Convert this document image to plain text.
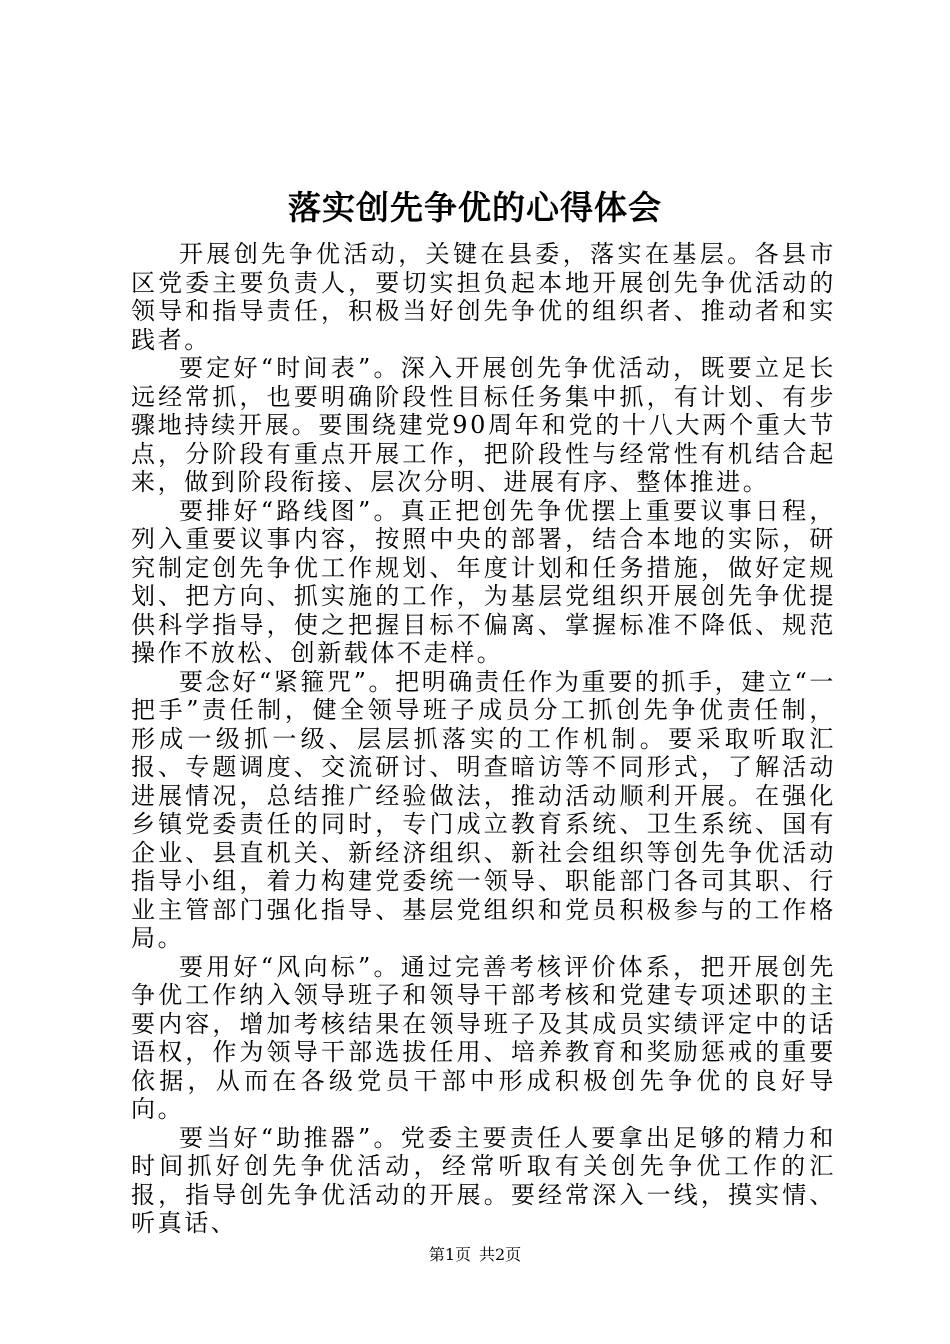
落实创先争优的心得体会

开展创先争优活动，关键在县委，落实在基层。各县市区党委主要负责人，要切实担负起本地开展创先争优活动的领导和指导责任，积极当好创先争优的组织者、推动者和实践者。

要定好“时间表”。深入开展创先争优活动，既要立足长远经常抓，也要明确阶段性目标任务集中抓，有计划、有步骤地持续开展。要围绕建党90周年和党的十八大两个重大节点，分阶段有重点开展工作，把阶段性与经常性有机结合起来，做到阶段衔接、层次分明、进展有序、整体推进。

要排好“路线图”。真正把创先争优摆上重要议事日程，列入重要议事内容，按照中央的部署，结合本地的实际，研究制定创先争优工作规划、年度计划和任务措施，做好定规划、把方向、抓实施的工作，为基层党组织开展创先争优提供科学指导，使之把握目标不偏离、掌握标准不降低、规范操作不放松、创新载体不走样。

要念好“紧箍咒”。把明确责任作为重要的抓手，建立“一把手”责任制，健全领导班子成员分工抓创先争优责任制，形成一级抓一级、层层抓落实的工作机制。要采取听取汇报、专题调度、交流研讨、明查暗访等不同形式，了解活动进展情况，总结推广经验做法，推动活动顺利开展。在强化乡镇党委责任的同时，专门成立教育系统、卫生系统、国有企业、县直机关、新经济组织、新社会组织等创先争优活动指导小组，着力构建党委统一领导、职能部门各司其职、行业主管部门强化指导、基层党组织和党员积极参与的工作格局。

要用好“风向标”。通过完善考核评价体系，把开展创先争优工作纳入领导班子和领导干部考核和党建专项述职的主要内容，增加考核结果在领导班子及其成员实绩评定中的话语权，作为领导干部选拔任用、培养教育和奖励惩戒的重要依据，从而在各级党员干部中形成积极创先争优的良好导向。

要当好“助推器”。党委主要责任人要拿出足够的精力和时间抓好创先争优活动，经常听取有关创先争优工作的汇报，指导创先争优活动的开展。要经常深入一线，摸实情、听真话、

第1页 共2页
